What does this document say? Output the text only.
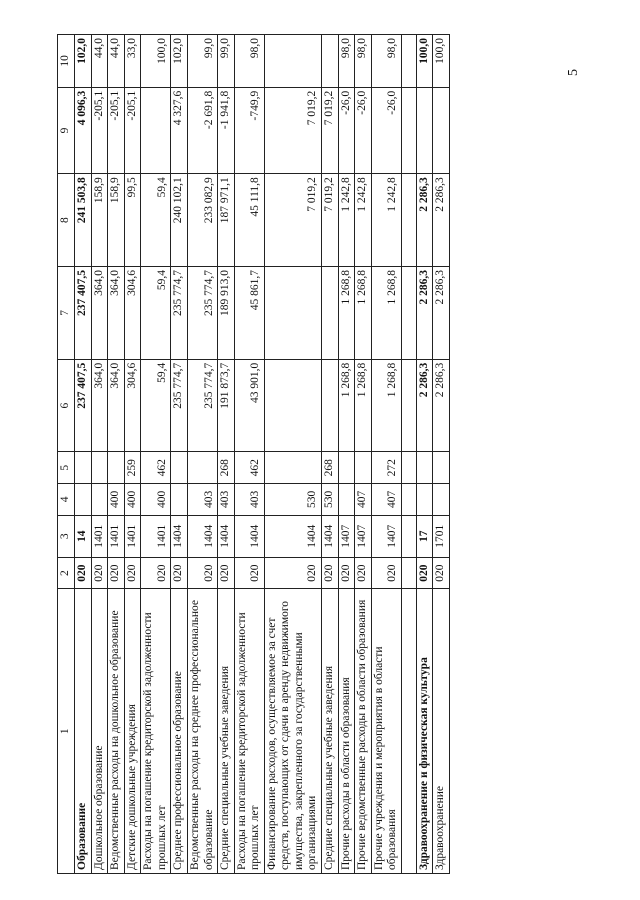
5
1	2	3	4	5	6	7	8	9	10
Образование	020	14			237 407,5	237 407,5	241 503,8	4 096,3	102,0
Дошкольное образование	020	1401			364,0	364,0	158,9	-205,1	44,0
Ведомственные расходы на дошкольное образование	020	1401	400		364,0	364,0	158,9	-205,1	44,0
Детские дошкольные учреждения	020	1401	400	259	304,6	304,6	99,5	-205,1	33,0
Расходы на погашение кредиторской задолженности прошлых лет	020	1401	400	462	59,4	59,4	59,4		100,0
Среднее профессиональное образование	020	1404			235 774,7	235 774,7	240 102,1	4 327,6	102,0
Ведомственные расходы на среднее профессиональное образование	020	1404	403		235 774,7	235 774,7	233 082,9	-2 691,8	99,0
Средние специальные учебные заведения	020	1404	403	268	191 873,7	189 913,0	187 971,1	-1 941,8	99,0
Расходы на погашение кредиторской задолженности прошлых лет	020	1404	403	462	43 901,0	45 861,7	45 111,8	-749,9	98,0
Финансирование расходов, осуществляемое за счет средств, поступающих от сдачи в аренду недвижимого имущества, закрепленного за государственными организациями	020	1404	530				7 019,2	7 019,2	
Средние специальные учебные заведения	020	1404	530	268			7 019,2	7 019,2	
Прочие расходы в области образования	020	1407			1 268,8	1 268,8	1 242,8	-26,0	98,0
Прочие ведомственные расходы в области образования	020	1407	407		1 268,8	1 268,8	1 242,8	-26,0	98,0
Прочие учреждения и мероприятия в области образования	020	1407	407	272	1 268,8	1 268,8	1 242,8	-26,0	98,0

Здравоохранение и физическая культура	020	17			2 286,3	2 286,3	2 286,3		100,0
Здравоохранение	020	1701			2 286,3	2 286,3	2 286,3		100,0
